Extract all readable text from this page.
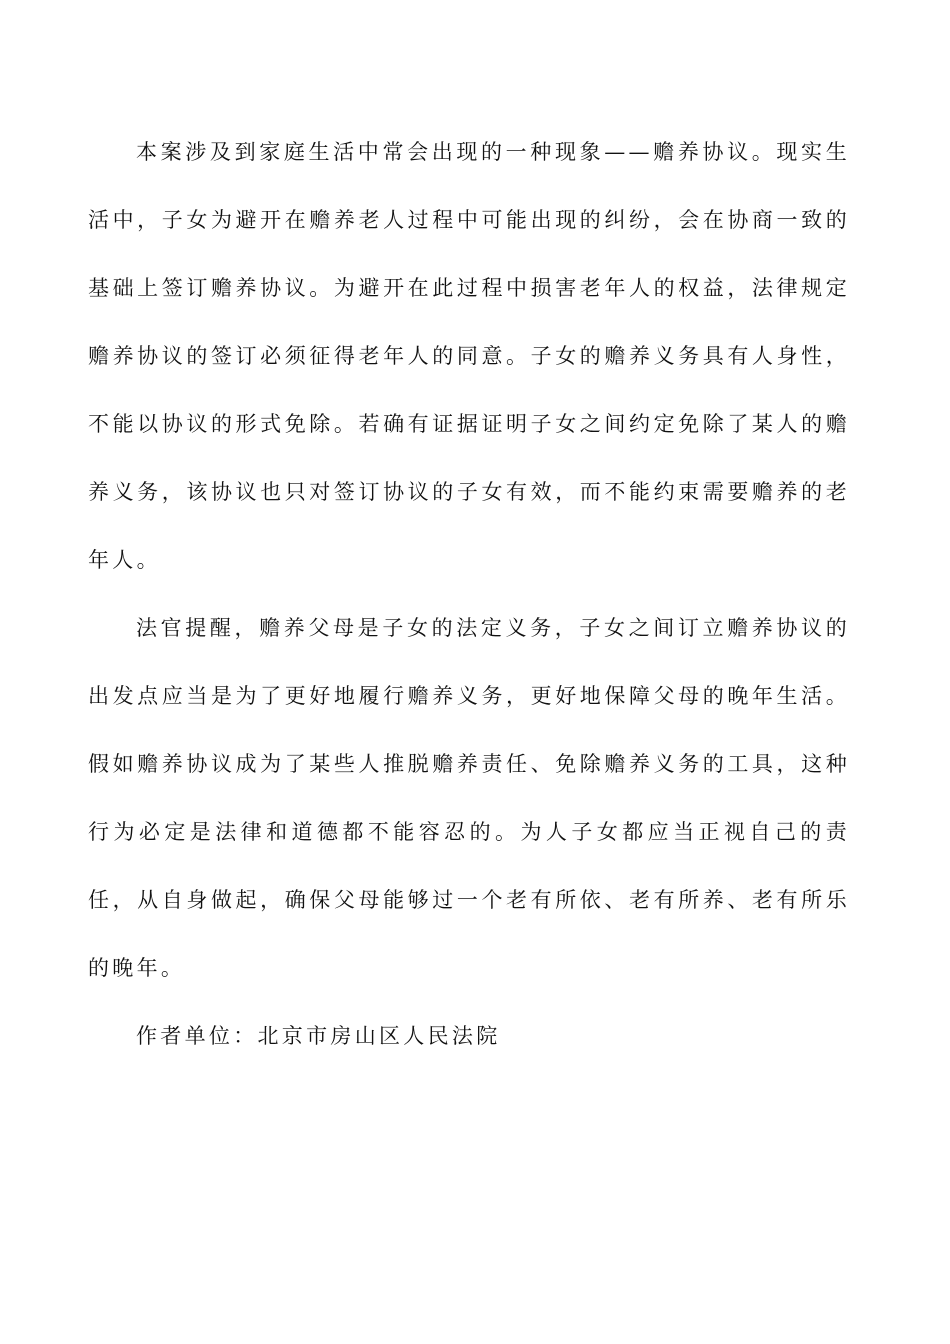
本案涉及到家庭生活中常会出现的一种现象——赡养协议。现实生活中，子女为避开在赡养老人过程中可能出现的纠纷，会在协商一致的基础上签订赡养协议。为避开在此过程中损害老年人的权益，法律规定赡养协议的签订必须征得老年人的同意。子女的赡养义务具有人身性，不能以协议的形式免除。若确有证据证明子女之间约定免除了某人的赡养义务，该协议也只对签订协议的子女有效，而不能约束需要赡养的老年人。

法官提醒，赡养父母是子女的法定义务，子女之间订立赡养协议的出发点应当是为了更好地履行赡养义务，更好地保障父母的晚年生活。假如赡养协议成为了某些人推脱赡养责任、免除赡养义务的工具，这种行为必定是法律和道德都不能容忍的。为人子女都应当正视自己的责任，从自身做起，确保父母能够过一个老有所依、老有所养、老有所乐的晚年。

作者单位：北京市房山区人民法院
